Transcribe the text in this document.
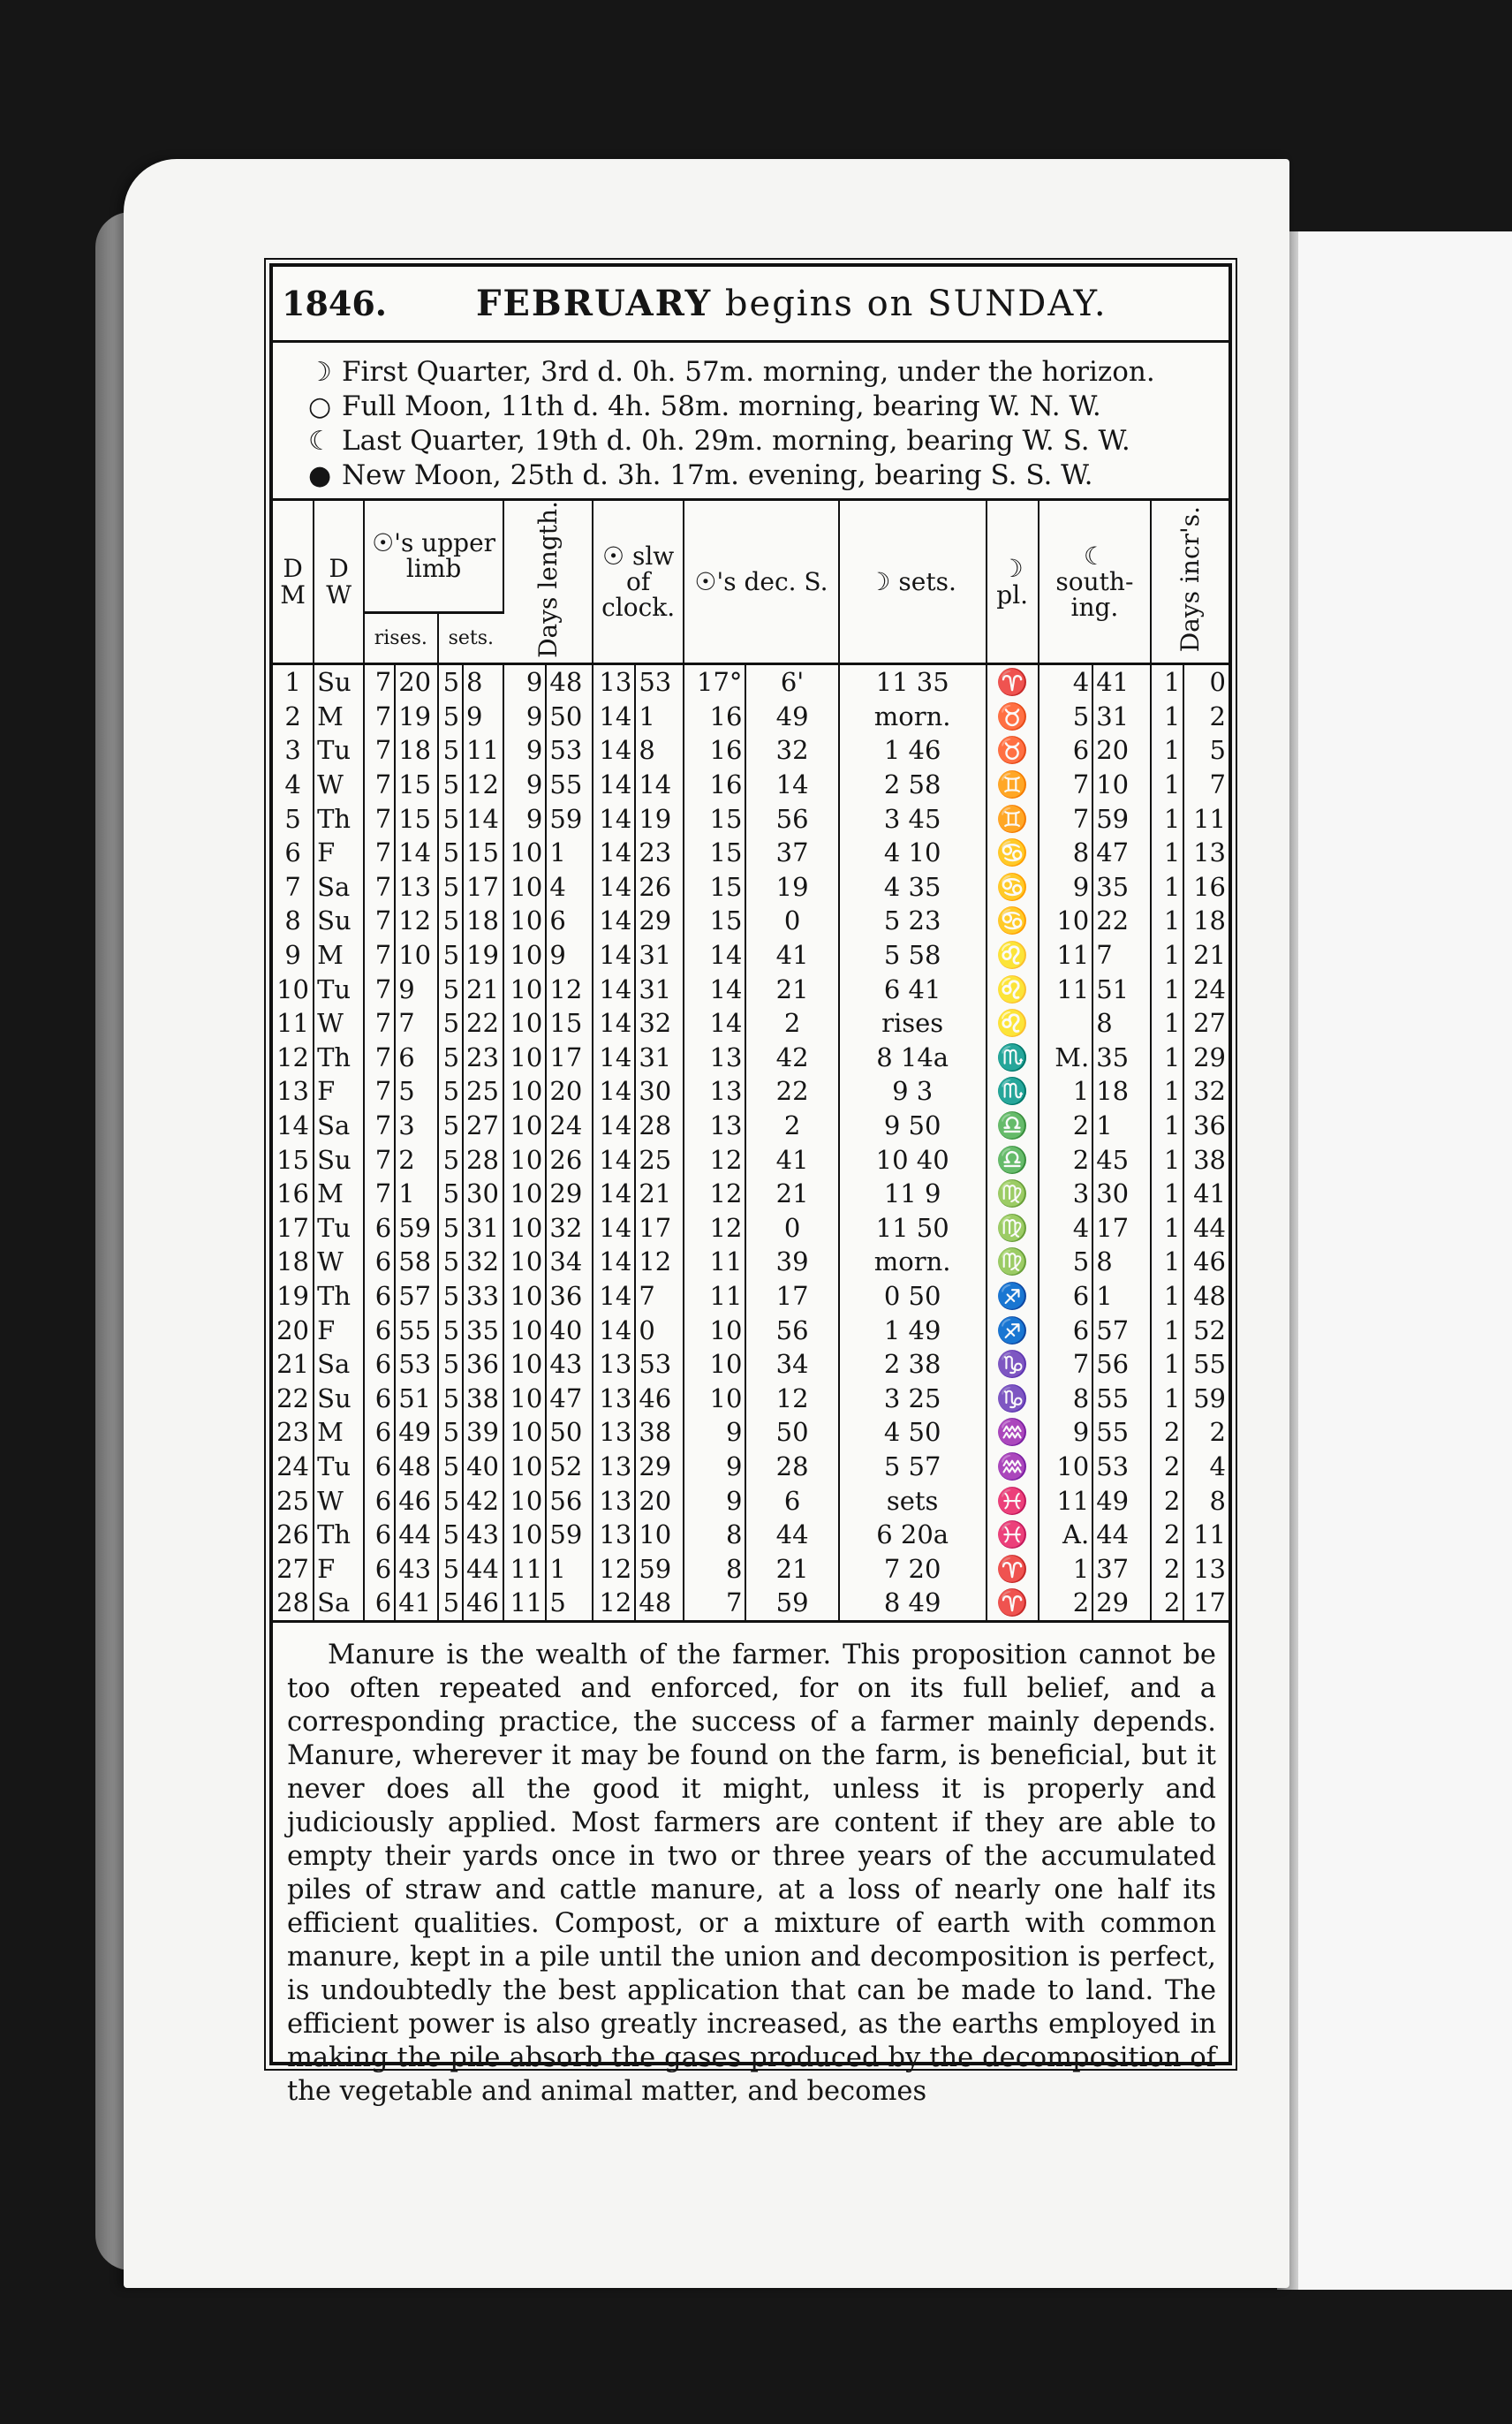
1846.	FEBRUARY begins on SUNDAY.
☽ First Quarter, 3rd d. 0h. 57m. morning, under the horizon.
○ Full Moon, 11th d. 4h. 58m. morning, bearing W. N. W.
☾ Last Quarter, 19th d. 0h. 29m. morning, bearing W. S. W.
● New Moon, 25th d. 3h. 17m. evening, bearing S. S. W.
D M	D W	☉'s upper limb				Days length.		☉ slw of clock.		☉'s dec. S.		☽ sets.	☽ pl.	☾ south-ing.		Days incr's.	
		rises.		sets.													
1	Su	7	20	5	8	9	48	13	53	17°	6'	11 35	♈	4	41	1	0
2	M	7	19	5	9	9	50	14	1	16	49	morn.	♉	5	31	1	2
3	Tu	7	18	5	11	9	53	14	8	16	32	1 46	♉	6	20	1	5
4	W	7	15	5	12	9	55	14	14	16	14	2 58	♊	7	10	1	7
5	Th	7	15	5	14	9	59	14	19	15	56	3 45	♊	7	59	1	11
6	F	7	14	5	15	10	1	14	23	15	37	4 10	♋	8	47	1	13
7	Sa	7	13	5	17	10	4	14	26	15	19	4 35	♋	9	35	1	16
8	Su	7	12	5	18	10	6	14	29	15	0	5 23	♋	10	22	1	18
9	M	7	10	5	19	10	9	14	31	14	41	5 58	♌	11	7	1	21
10	Tu	7	9	5	21	10	12	14	31	14	21	6 41	♌	11	51	1	24
11	W	7	7	5	22	10	15	14	32	14	2	rises	♌		8	1	27
12	Th	7	6	5	23	10	17	14	31	13	42	8 14a	♏	M.	35	1	29
13	F	7	5	5	25	10	20	14	30	13	22	9 3	♏	1	18	1	32
14	Sa	7	3	5	27	10	24	14	28	13	2	9 50	♎	2	1	1	36
15	Su	7	2	5	28	10	26	14	25	12	41	10 40	♎	2	45	1	38
16	M	7	1	5	30	10	29	14	21	12	21	11 9	♍	3	30	1	41
17	Tu	6	59	5	31	10	32	14	17	12	0	11 50	♍	4	17	1	44
18	W	6	58	5	32	10	34	14	12	11	39	morn.	♍	5	8	1	46
19	Th	6	57	5	33	10	36	14	7	11	17	0 50	♐	6	1	1	48
20	F	6	55	5	35	10	40	14	0	10	56	1 49	♐	6	57	1	52
21	Sa	6	53	5	36	10	43	13	53	10	34	2 38	♑	7	56	1	55
22	Su	6	51	5	38	10	47	13	46	10	12	3 25	♑	8	55	1	59
23	M	6	49	5	39	10	50	13	38	9	50	4 50	♒	9	55	2	2
24	Tu	6	48	5	40	10	52	13	29	9	28	5 57	♒	10	53	2	4
25	W	6	46	5	42	10	56	13	20	9	6	sets	♓	11	49	2	8
26	Th	6	44	5	43	10	59	13	10	8	44	6 20a	♓	A.	44	2	11
27	F	6	43	5	44	11	1	12	59	8	21	7 20	♈	1	37	2	13
28	Sa	6	41	5	46	11	5	12	48	7	59	8 49	♈	2	29	2	17
Manure is the wealth of the farmer. This proposition cannot be too often repeated and enforced, for on its full belief, and a corresponding practice, the success of a farmer mainly depends. Manure, wherever it may be found on the farm, is beneficial, but it never does all the good it might, unless it is properly and judiciously applied. Most farmers are content if they are able to empty their yards once in two or three years of the accumulated piles of straw and cattle manure, at a loss of nearly one half its efficient qualities. Compost, or a mixture of earth with common manure, kept in a pile until the union and decomposition is perfect, is undoubtedly the best application that can be made to land. The efficient power is also greatly increased, as the earths employed in making the pile absorb the gases produced by the decomposition of the vegetable and animal matter, and becomes
